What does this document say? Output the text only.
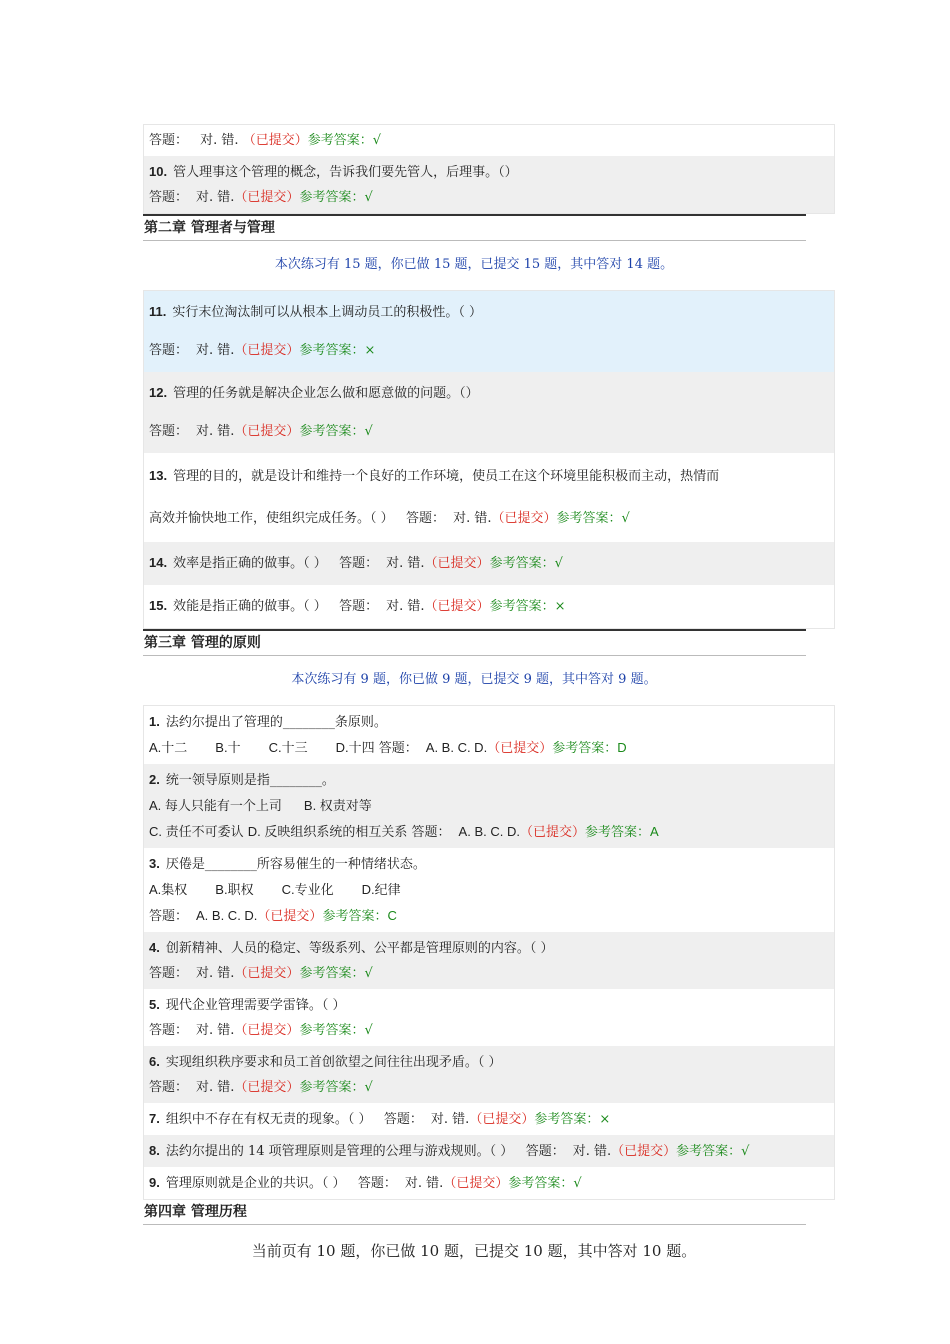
答题： 对. 错. （已提交）参考答案：√
10. 管人理事这个管理的概念，告诉我们要先管人，后理事。（）
答题： 对. 错.（已提交）参考答案：√
第二章 管理者与管理
本次练习有 15 题，你已做 15 题，已提交 15 题，其中答对 14 题。
11. 实行末位淘汰制可以从根本上调动员工的积极性。（ ）
答题： 对. 错.（已提交）参考答案：×
12. 管理的任务就是解决企业怎么做和愿意做的问题。（）
答题： 对. 错.（已提交）参考答案：√
13. 管理的目的，就是设计和维持一个良好的工作环境，使员工在这个环境里能积极而主动，热情而
高效并愉快地工作，使组织完成任务。（ ） 答题： 对. 错.（已提交）参考答案：√
14. 效率是指正确的做事。（ ） 答题： 对. 错.（已提交）参考答案：√
15. 效能是指正确的做事。（ ） 答题： 对. 错.（已提交）参考答案：×
第三章 管理的原则
本次练习有 9 题，你已做 9 题，已提交 9 题，其中答对 9 题。
1. 法约尔提出了管理的________条原则。
A.十二 B.十 C.十三 D.十四 答题： A. B. C. D.（已提交）参考答案：D
2. 统一领导原则是指________。
A. 每人只能有一个上司 B. 权责对等
C. 责任不可委认 D. 反映组织系统的相互关系 答题： A. B. C. D.（已提交）参考答案：A
3. 厌倦是________所容易催生的一种情绪状态。
A.集权 B.职权 C.专业化 D.纪律
答题： A. B. C. D.（已提交）参考答案：C
4. 创新精神、人员的稳定、等级系列、公平都是管理原则的内容。（ ）
答题： 对. 错.（已提交）参考答案：√
5. 现代企业管理需要学雷锋。（ ）
答题： 对. 错.（已提交）参考答案：√
6. 实现组织秩序要求和员工首创欲望之间往往出现矛盾。（ ）
答题： 对. 错.（已提交）参考答案：√
7. 组织中不存在有权无责的现象。（ ） 答题： 对. 错.（已提交）参考答案：×
8. 法约尔提出的 14 项管理原则是管理的公理与游戏规则。（ ） 答题： 对. 错.（已提交）参考答案：√
9. 管理原则就是企业的共识。（ ） 答题： 对. 错.（已提交）参考答案：√
第四章 管理历程
当前页有 10 题，你已做 10 题，已提交 10 题，其中答对 10 题。
